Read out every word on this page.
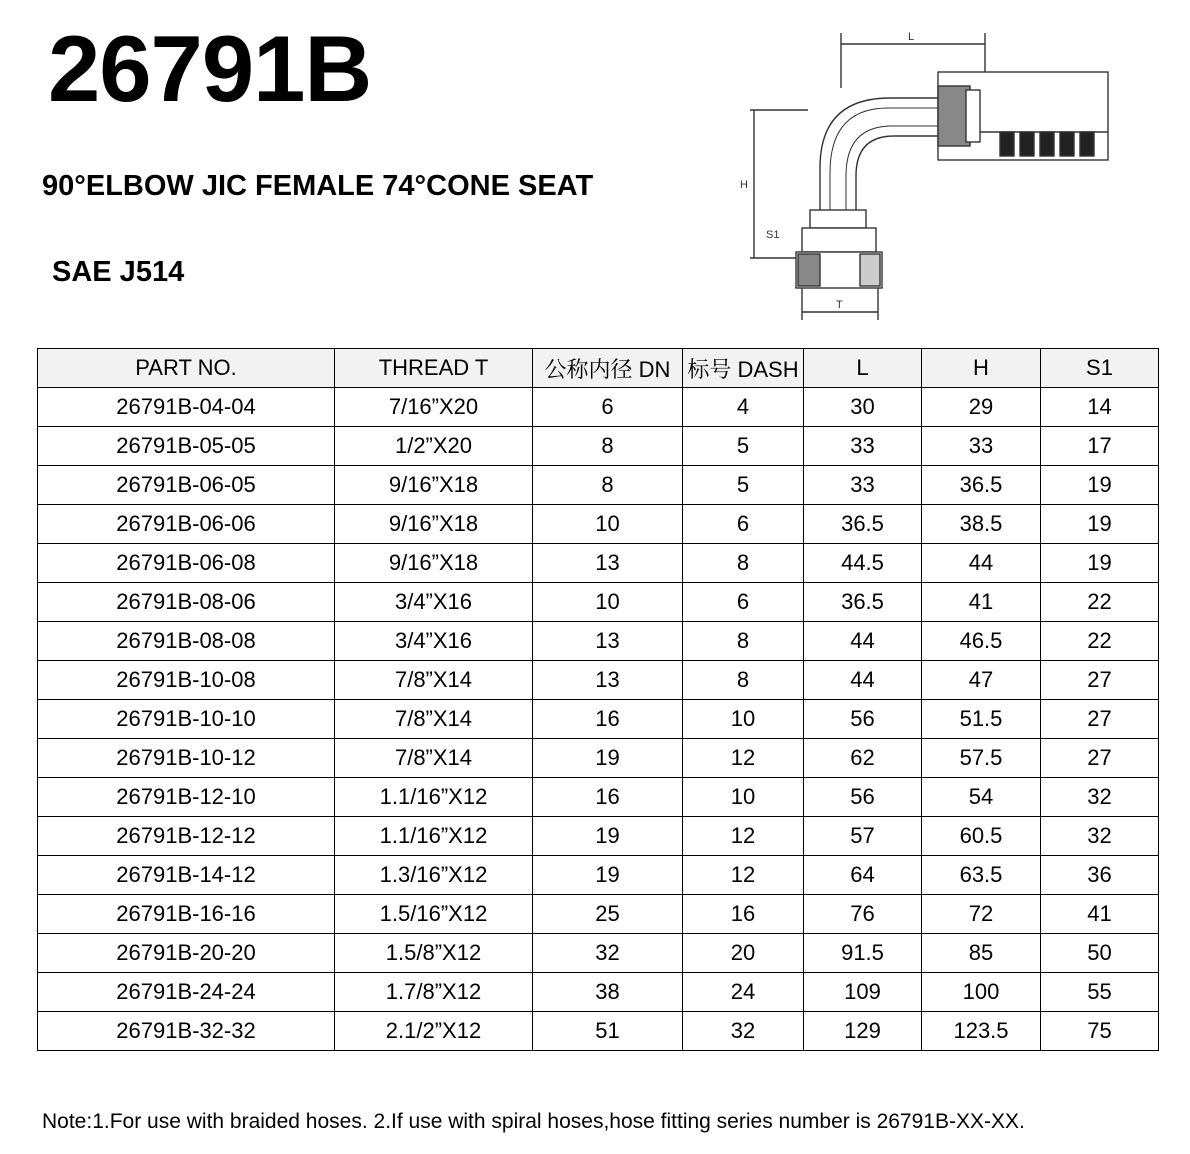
26791B
90°ELBOW JIC FEMALE 74°CONE SEAT
SAE J514
L
H
S1
T
PART NO.	THREAD T	公称内径 DN	标号 DASH	L	H	S1
26791B-04-04	7/16”X20	6	4	30	29	14
26791B-05-05	1/2”X20	8	5	33	33	17
26791B-06-05	9/16”X18	8	5	33	36.5	19
26791B-06-06	9/16”X18	10	6	36.5	38.5	19
26791B-06-08	9/16”X18	13	8	44.5	44	19
26791B-08-06	3/4”X16	10	6	36.5	41	22
26791B-08-08	3/4”X16	13	8	44	46.5	22
26791B-10-08	7/8”X14	13	8	44	47	27
26791B-10-10	7/8”X14	16	10	56	51.5	27
26791B-10-12	7/8”X14	19	12	62	57.5	27
26791B-12-10	1.1/16”X12	16	10	56	54	32
26791B-12-12	1.1/16”X12	19	12	57	60.5	32
26791B-14-12	1.3/16”X12	19	12	64	63.5	36
26791B-16-16	1.5/16”X12	25	16	76	72	41
26791B-20-20	1.5/8”X12	32	20	91.5	85	50
26791B-24-24	1.7/8”X12	38	24	109	100	55
26791B-32-32	2.1/2”X12	51	32	129	123.5	75
Note:1.For use with braided hoses. 2.If use with spiral hoses,hose fitting series number is 26791B-XX-XX.
